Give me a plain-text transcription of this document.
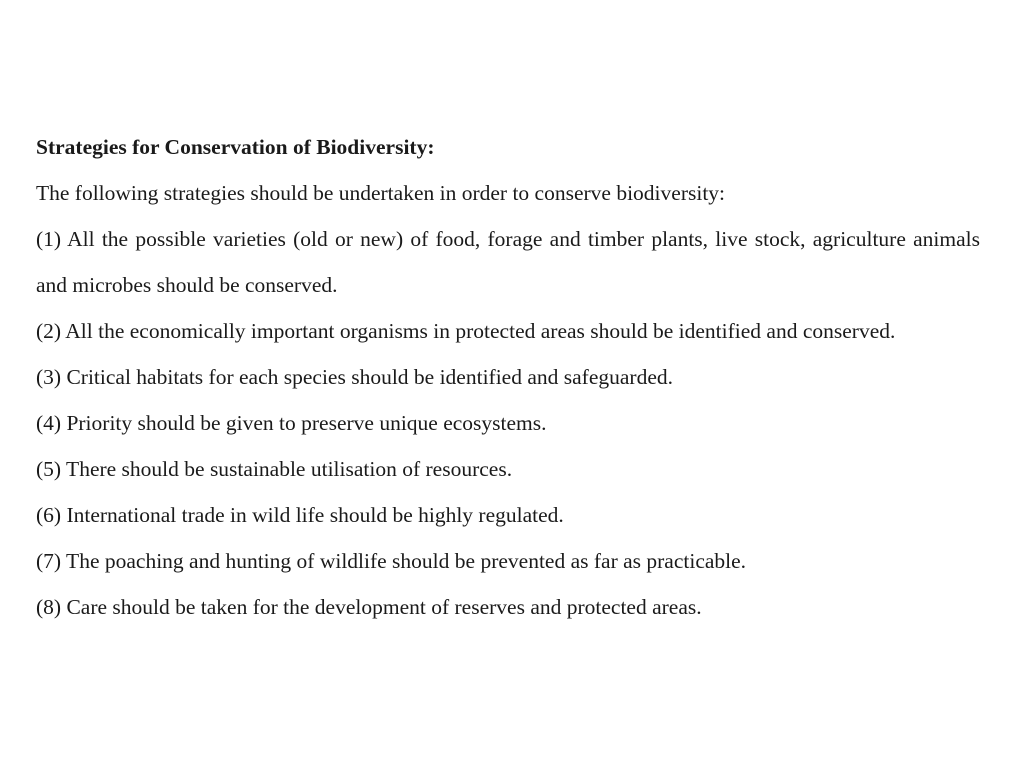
Strategies for Conservation of Biodiversity:

The following strategies should be undertaken in order to conserve biodiversity:

(1) All the possible varieties (old or new) of food, forage and timber plants, live stock, agriculture animals and microbes should be conserved.

(2) All the economically important organisms in protected areas should be identified and conserved.

(3) Critical habitats for each species should be identified and safeguarded.

(4) Priority should be given to preserve unique ecosystems.

(5) There should be sustainable utilisation of resources.

(6) International trade in wild life should be highly regulated.

(7) The poaching and hunting of wildlife should be prevented as far as practicable.

(8) Care should be taken for the development of reserves and protected areas.
